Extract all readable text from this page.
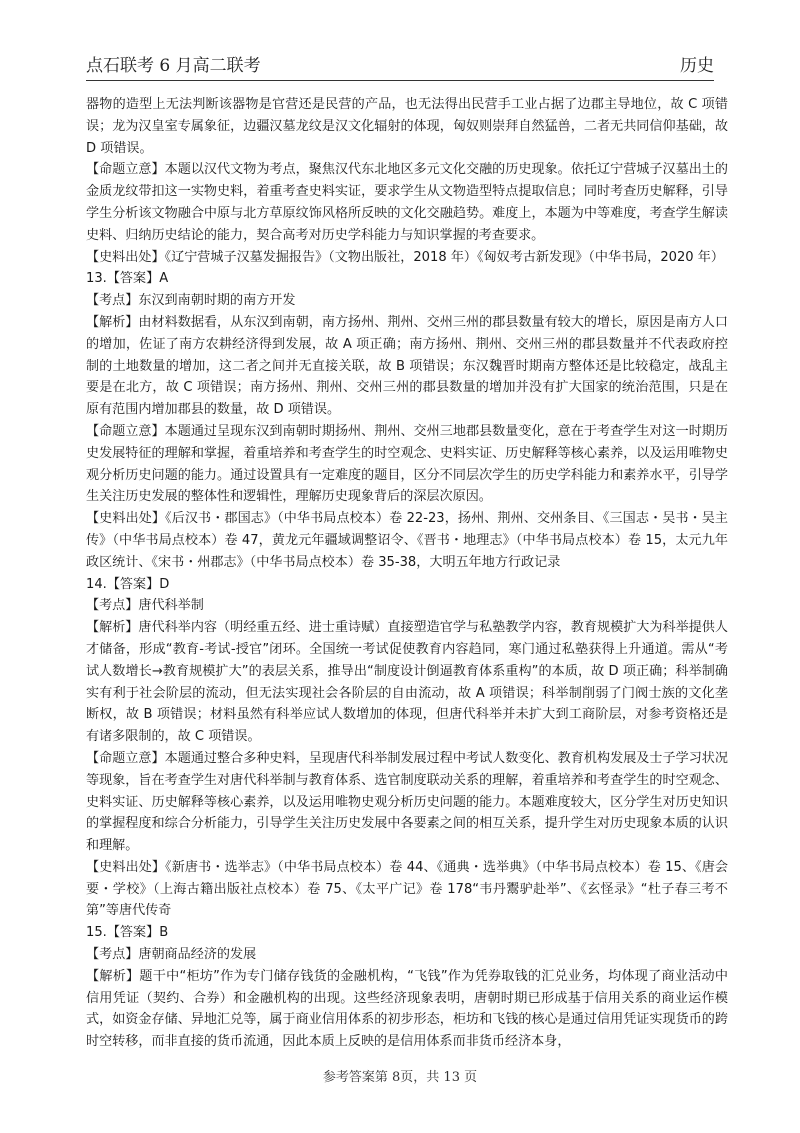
点石联考 6 月高二联考	历史

器物的造型上无法判断该器物是官营还是民营的产品，也无法得出民营手工业占据了边郡主导地位，故 C 项错误；龙为汉皇室专属象征，边疆汉墓龙纹是汉文化辐射的体现，匈奴则崇拜自然猛兽，二者无共同信仰基础，故 D 项错误。

【命题立意】本题以汉代文物为考点，聚焦汉代东北地区多元文化交融的历史现象。依托辽宁营城子汉墓出土的金质龙纹带扣这一实物史料，着重考查史料实证，要求学生从文物造型特点提取信息；同时考查历史解释，引导学生分析该文物融合中原与北方草原纹饰风格所反映的文化交融趋势。难度上，本题为中等难度，考查学生解读史料、归纳历史结论的能力，契合高考对历史学科能力与知识掌握的考查要求。

【史料出处】《辽宁营城子汉墓发掘报告》（文物出版社，2018 年）《匈奴考古新发现》（中华书局，2020 年）

13.【答案】A

【考点】东汉到南朝时期的南方开发

【解析】由材料数据看，从东汉到南朝，南方扬州、荆州、交州三州的郡县数量有较大的增长，原因是南方人口的增加，佐证了南方农耕经济得到发展，故 A 项正确；南方扬州、荆州、交州三州的郡县数量并不代表政府控制的土地数量的增加，这二者之间并无直接关联，故 B 项错误；东汉魏晋时期南方整体还是比较稳定，战乱主要是在北方，故 C 项错误；南方扬州、荆州、交州三州的郡县数量的增加并没有扩大国家的统治范围，只是在原有范围内增加郡县的数量，故 D 项错误。

【命题立意】本题通过呈现东汉到南朝时期扬州、荆州、交州三地郡县数量变化，意在于考查学生对这一时期历史发展特征的理解和掌握，着重培养和考查学生的时空观念、史料实证、历史解释等核心素养，以及运用唯物史观分析历史问题的能力。通过设置具有一定难度的题目，区分不同层次学生的历史学科能力和素养水平，引导学生关注历史发展的整体性和逻辑性，理解历史现象背后的深层次原因。

【史料出处】《后汉书・郡国志》（中华书局点校本）卷 22-23，扬州、荆州、交州条目、《三国志・吴书・吴主传》（中华书局点校本）卷 47，黄龙元年疆域调整诏令、《晋书・地理志》（中华书局点校本）卷 15，太元九年政区统计、《宋书・州郡志》（中华书局点校本）卷 35-38，大明五年地方行政记录

14.【答案】D

【考点】唐代科举制

【解析】唐代科举内容（明经重五经、进士重诗赋）直接塑造官学与私塾教学内容，教育规模扩大为科举提供人才储备，形成“教育-考试-授官”闭环。全国统一考试促使教育内容趋同，寒门通过私塾获得上升通道。需从“考试人数增长→教育规模扩大”的表层关系，推导出“制度设计倒逼教育体系重构”的本质，故 D 项正确；科举制确实有利于社会阶层的流动，但无法实现社会各阶层的自由流动，故 A 项错误；科举制削弱了门阀士族的文化垄断权，故 B 项错误；材料虽然有科举应试人数增加的体现，但唐代科举并未扩大到工商阶层，对参考资格还是有诸多限制的，故 C 项错误。

【命题立意】本题通过整合多种史料，呈现唐代科举制发展过程中考试人数变化、教育机构发展及士子学习状况等现象，旨在考查学生对唐代科举制与教育体系、选官制度联动关系的理解，着重培养和考查学生的时空观念、史料实证、历史解释等核心素养，以及运用唯物史观分析历史问题的能力。本题难度较大，区分学生对历史知识的掌握程度和综合分析能力，引导学生关注历史发展中各要素之间的相互关系，提升学生对历史现象本质的认识和理解。

【史料出处】《新唐书・选举志》（中华书局点校本）卷 44、《通典・选举典》（中华书局点校本）卷 15、《唐会要・学校》（上海古籍出版社点校本）卷 75、《太平广记》卷 178“韦丹鬻驴赴举”、《玄怪录》“杜子春三考不第”等唐代传奇

15.【答案】B

【考点】唐朝商品经济的发展

【解析】题干中“柜坊”作为专门储存钱货的金融机构，“飞钱”作为凭券取钱的汇兑业务，均体现了商业活动中信用凭证（契约、合券）和金融机构的出现。这些经济现象表明，唐朝时期已形成基于信用关系的商业运作模式，如资金存储、异地汇兑等，属于商业信用体系的初步形态，柜坊和飞钱的核心是通过信用凭证实现货币的跨时空转移，而非直接的货币流通，因此本质上反映的是信用体系而非货币经济本身，

参考答案第 8页，共 13 页
